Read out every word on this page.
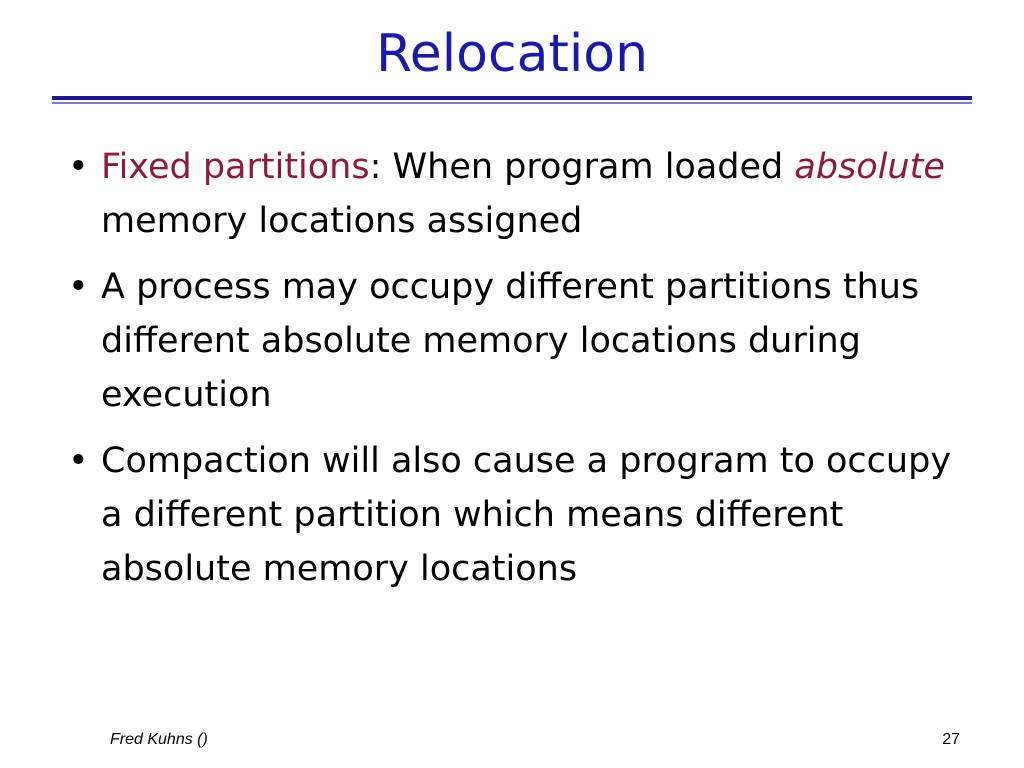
Relocation
• Fixed partitions: When program loaded absolute memory locations assigned
• A process may occupy different partitions thus different absolute memory locations during execution
• Compaction will also cause a program to occupy a different partition which means different absolute memory locations
Fred Kuhns ()	27
